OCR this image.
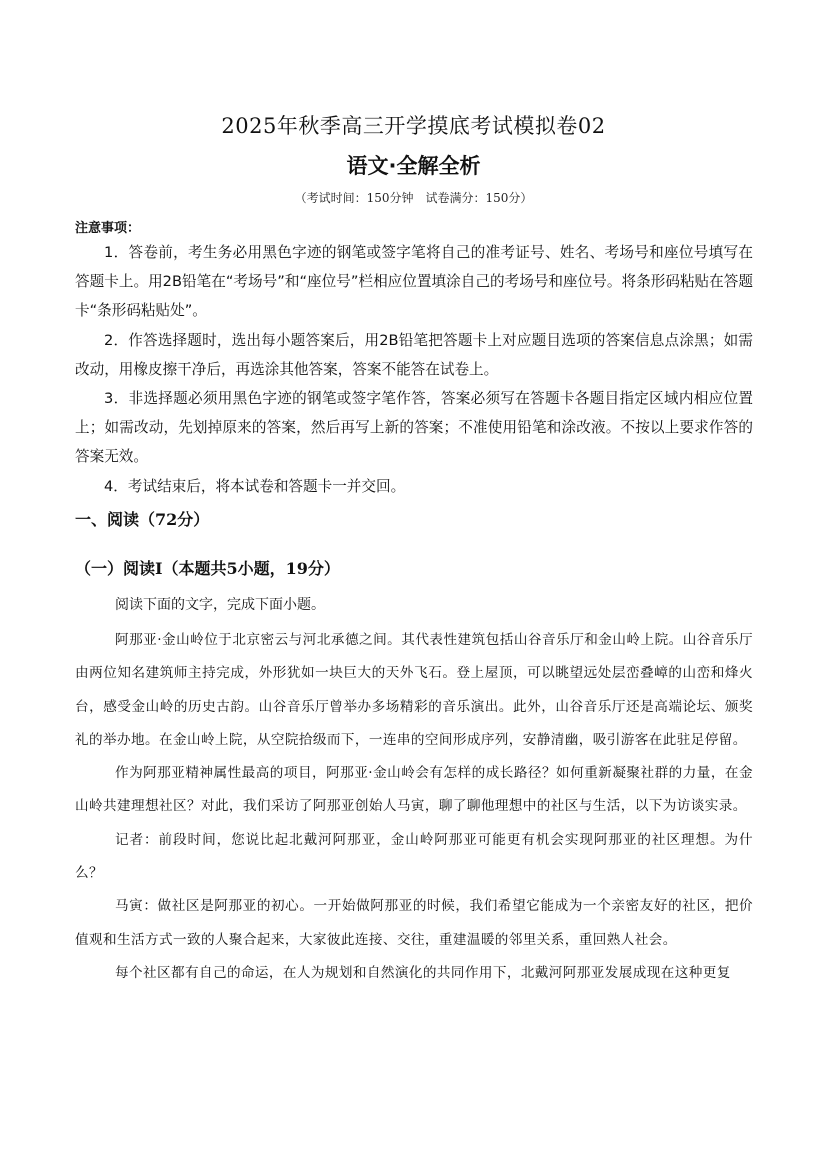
2025年秋季高三开学摸底考试模拟卷02
语文·全解全析
（考试时间：150分钟　试卷满分：150分）
注意事项：

1．答卷前，考生务必用黑色字迹的钢笔或签字笔将自己的准考证号、姓名、考场号和座位号填写在答题卡上。用2B铅笔在“考场号”和“座位号”栏相应位置填涂自己的考场号和座位号。将条形码粘贴在答题卡“条形码粘贴处”。

2．作答选择题时，选出每小题答案后，用2B铅笔把答题卡上对应题目选项的答案信息点涂黑；如需改动，用橡皮擦干净后，再选涂其他答案，答案不能答在试卷上。

3．非选择题必须用黑色字迹的钢笔或签字笔作答，答案必须写在答题卡各题目指定区域内相应位置上；如需改动，先划掉原来的答案，然后再写上新的答案；不准使用铅笔和涂改液。不按以上要求作答的答案无效。

4．考试结束后，将本试卷和答题卡一并交回。

一、阅读（72分）
（一）阅读I（本题共5小题，19分）
阅读下面的文字，完成下面小题。

阿那亚·金山岭位于北京密云与河北承德之间。其代表性建筑包括山谷音乐厅和金山岭上院。山谷音乐厅由两位知名建筑师主持完成，外形犹如一块巨大的天外飞石。登上屋顶，可以眺望远处层峦叠嶂的山峦和烽火台，感受金山岭的历史古韵。山谷音乐厅曾举办多场精彩的音乐演出。此外，山谷音乐厅还是高端论坛、颁奖礼的举办地。在金山岭上院，从空院拾级而下，一连串的空间形成序列，安静清幽，吸引游客在此驻足停留。

作为阿那亚精神属性最高的项目，阿那亚·金山岭会有怎样的成长路径？如何重新凝聚社群的力量，在金山岭共建理想社区？对此，我们采访了阿那亚创始人马寅，聊了聊他理想中的社区与生活，以下为访谈实录。

记者：前段时间，您说比起北戴河阿那亚，金山岭阿那亚可能更有机会实现阿那亚的社区理想。为什么？

马寅：做社区是阿那亚的初心。一开始做阿那亚的时候，我们希望它能成为一个亲密友好的社区，把价值观和生活方式一致的人聚合起来，大家彼此连接、交往，重建温暖的邻里关系，重回熟人社会。

每个社区都有自己的命运，在人为规划和自然演化的共同作用下，北戴河阿那亚发展成现在这种更复
